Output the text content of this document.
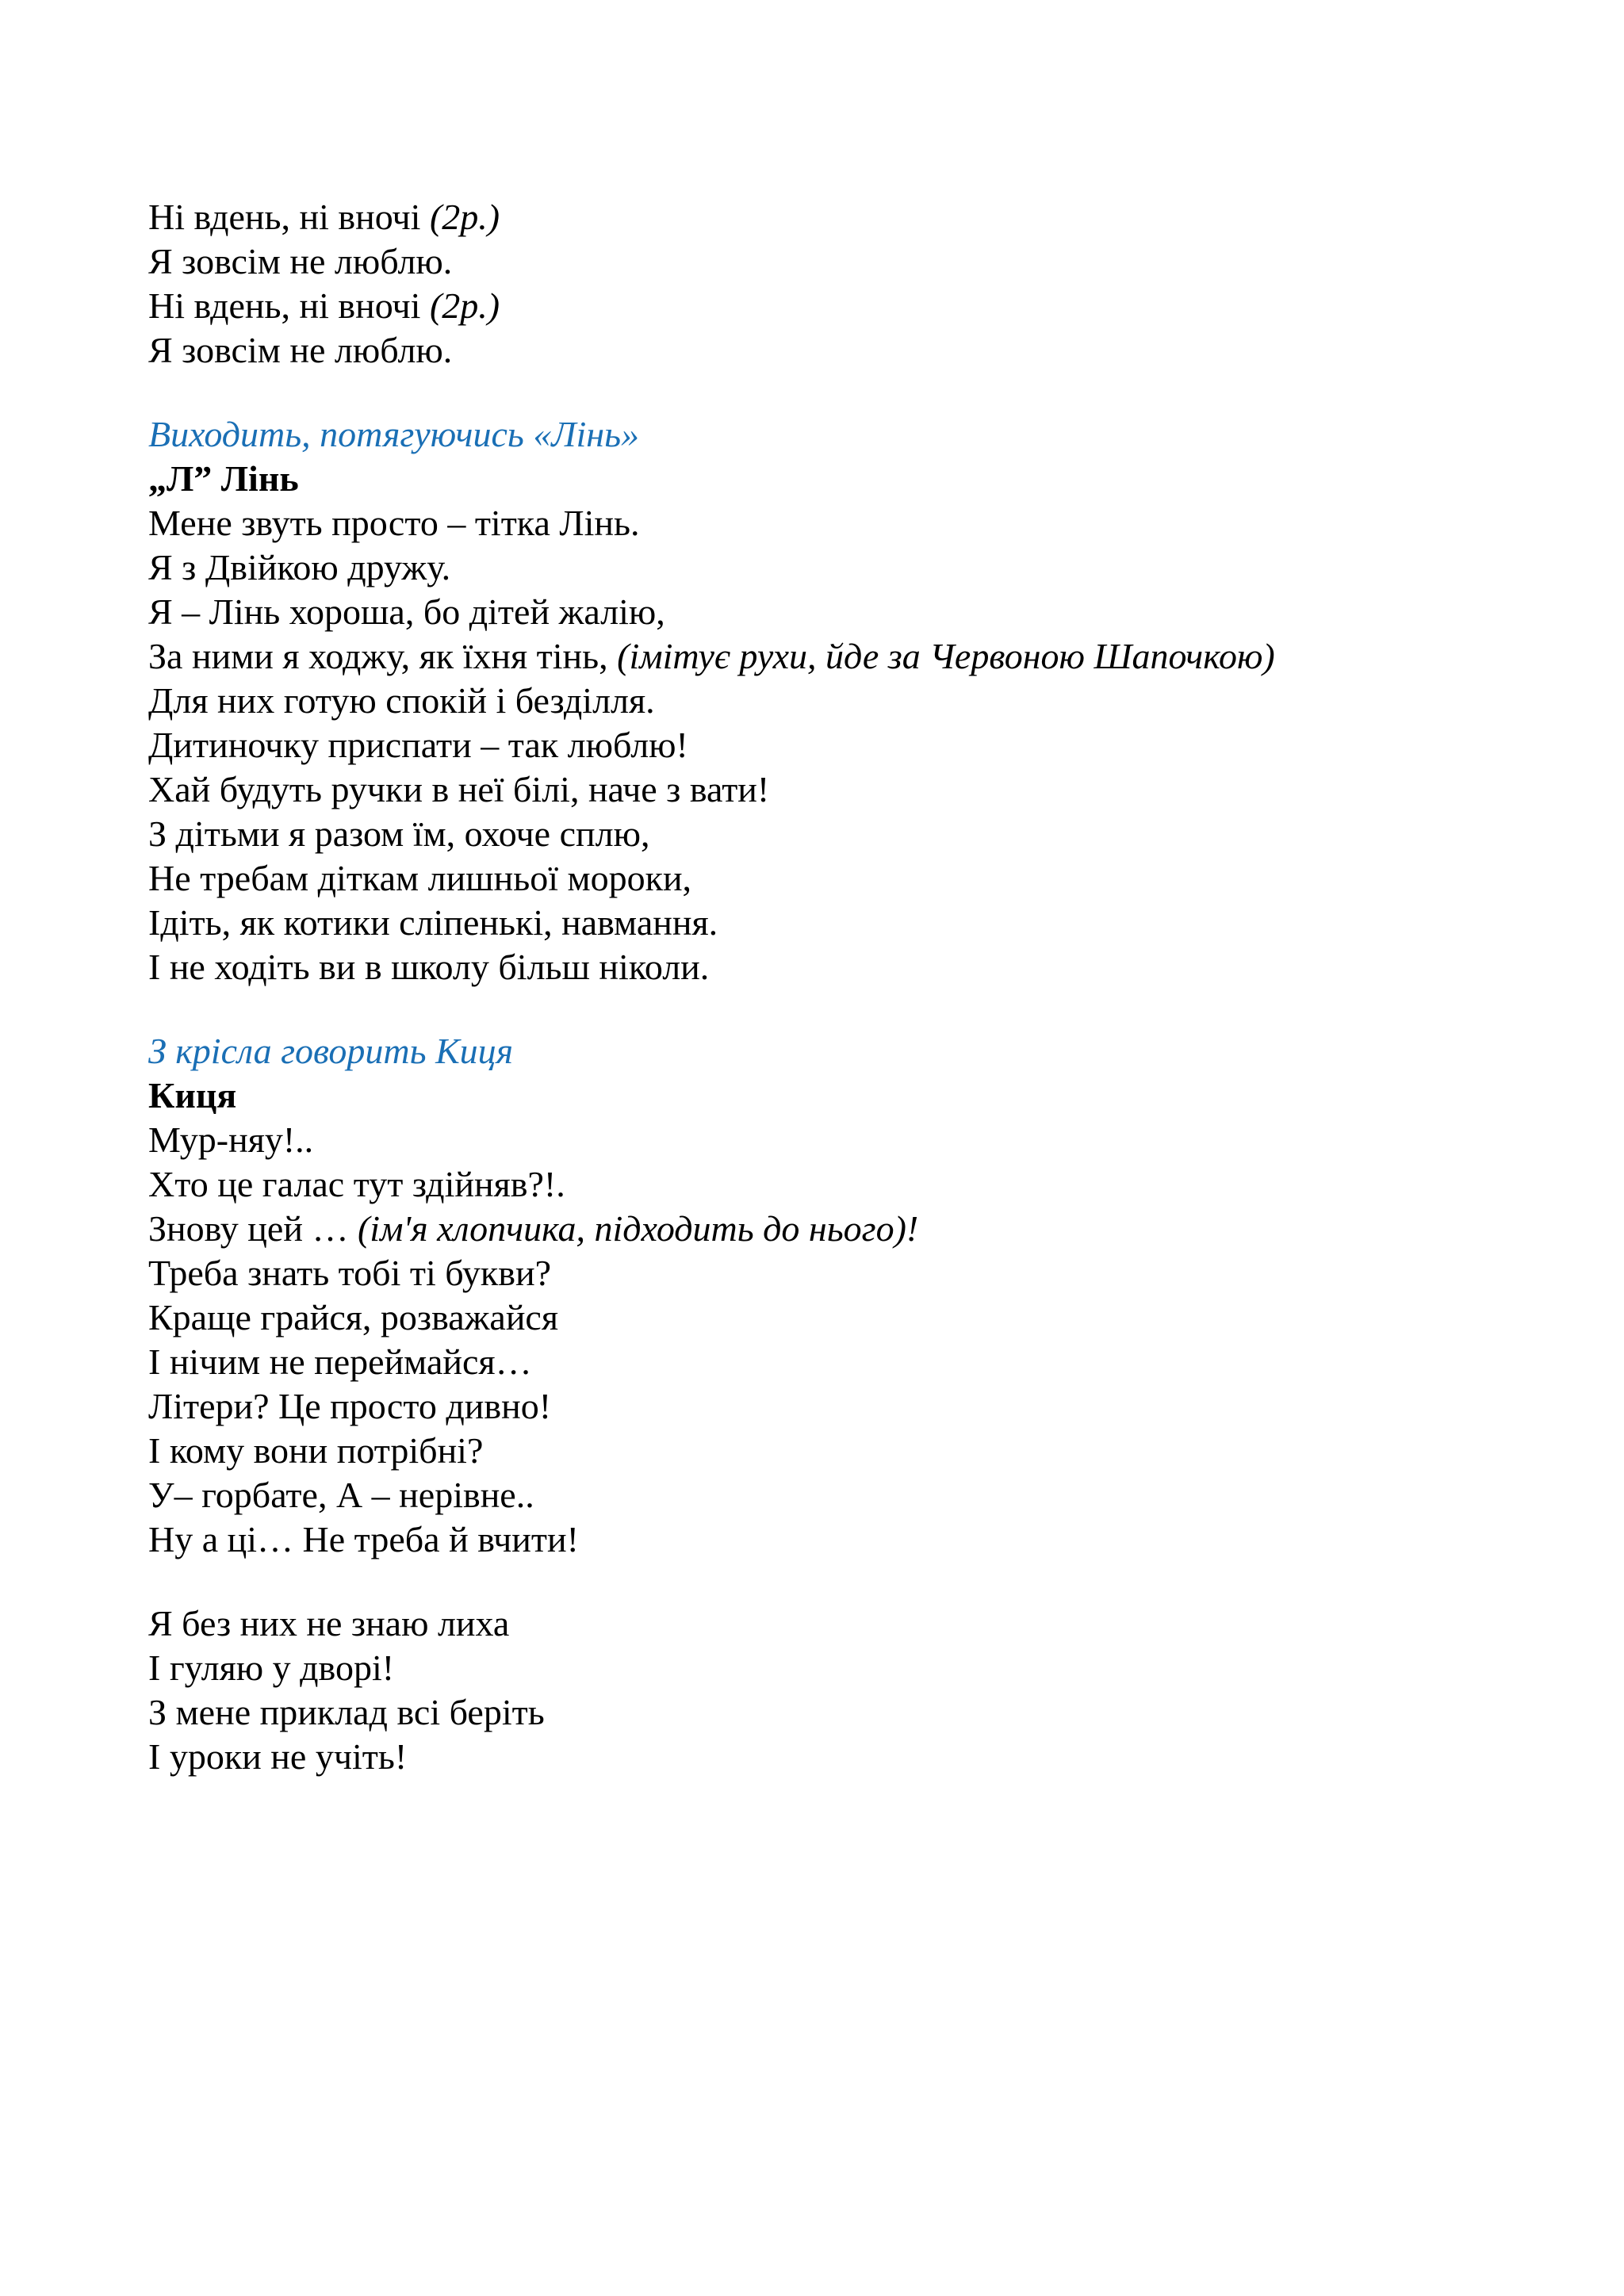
Ні вдень, ні вночі (2р.)
Я зовсім не люблю.
Ні вдень, ні вночі (2р.)
Я зовсім не люблю.
Виходить, потягуючись «Лінь»
„Л” Лінь
Мене звуть просто – тітка Лінь.
Я з Двійкою дружу.
Я – Лінь хороша, бо дітей жалію,
За ними я ходжу, як їхня тінь, (імітує рухи, йде за Червоною Шапочкою)
Для них готую спокій і безділля.
Дитиночку приспати – так люблю!
Хай будуть ручки в неї білі, наче з вати!
З дітьми я разом їм, охоче сплю,
Не требам діткам лишньої мороки,
Ідіть, як котики сліпенькі, навмання.
І не ходіть ви в школу більш ніколи.
З крісла говорить Киця
Киця
Мур-няу!..
Хто це галас тут здійняв?!.
Знову цей … (ім'я хлопчика, підходить до нього)!
Треба знать тобі ті букви?
Краще грайся, розважайся
І нічим не переймайся…
Літери? Це просто дивно!
І кому вони потрібні?
У– горбате, А – нерівне..
Ну а ці… Не треба й вчити!
Я без них не знаю лиха
І гуляю у дворі!
З мене приклад всі беріть
І уроки не учіть!
